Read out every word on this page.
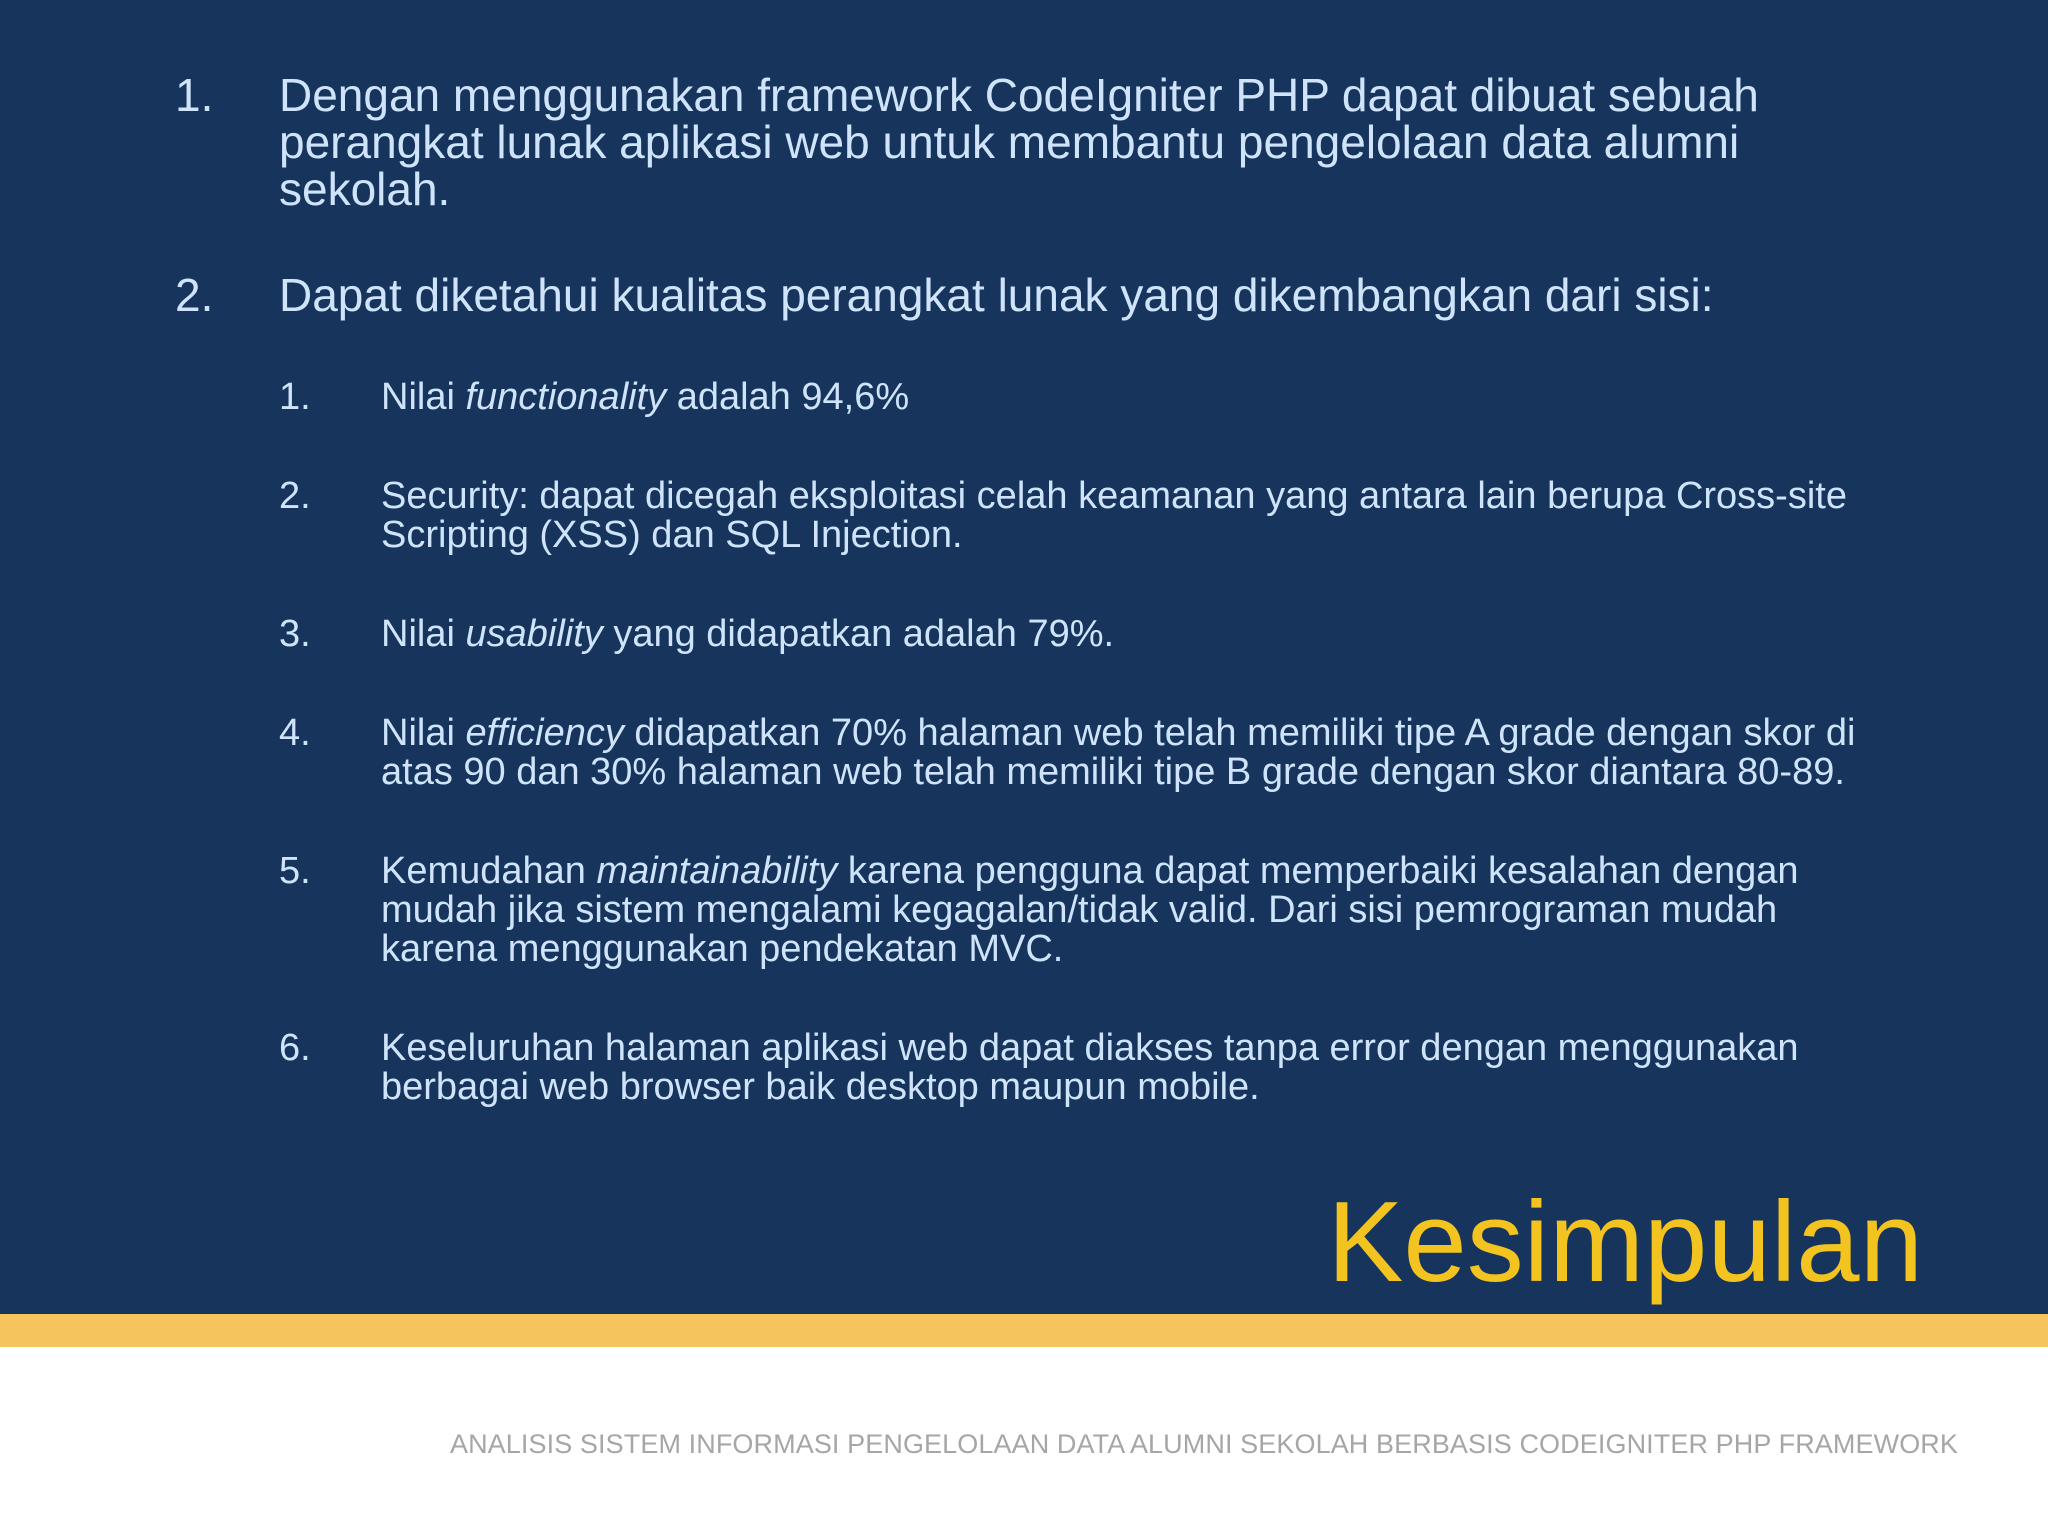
1. Dengan menggunakan framework CodeIgniter PHP dapat dibuat sebuah perangkat lunak aplikasi web untuk membantu pengelolaan data alumni sekolah.
2. Dapat diketahui kualitas perangkat lunak yang dikembangkan dari sisi:
1. Nilai functionality adalah 94,6%
2. Security: dapat dicegah eksploitasi celah keamanan yang antara lain berupa Cross-site Scripting (XSS) dan SQL Injection.
3. Nilai usability yang didapatkan adalah 79%.
4. Nilai efficiency didapatkan 70% halaman web telah memiliki tipe A grade dengan skor di atas 90 dan 30% halaman web telah memiliki tipe B grade dengan skor diantara 80-89.
5. Kemudahan maintainability karena pengguna dapat memperbaiki kesalahan dengan mudah jika sistem mengalami kegagalan/tidak valid. Dari sisi pemrograman mudah karena menggunakan pendekatan MVC.
6. Keseluruhan halaman aplikasi web dapat diakses tanpa error dengan menggunakan berbagai web browser baik desktop maupun mobile.
Kesimpulan
ANALISIS SISTEM INFORMASI PENGELOLAAN DATA ALUMNI SEKOLAH BERBASIS CODEIGNITER PHP FRAMEWORK
